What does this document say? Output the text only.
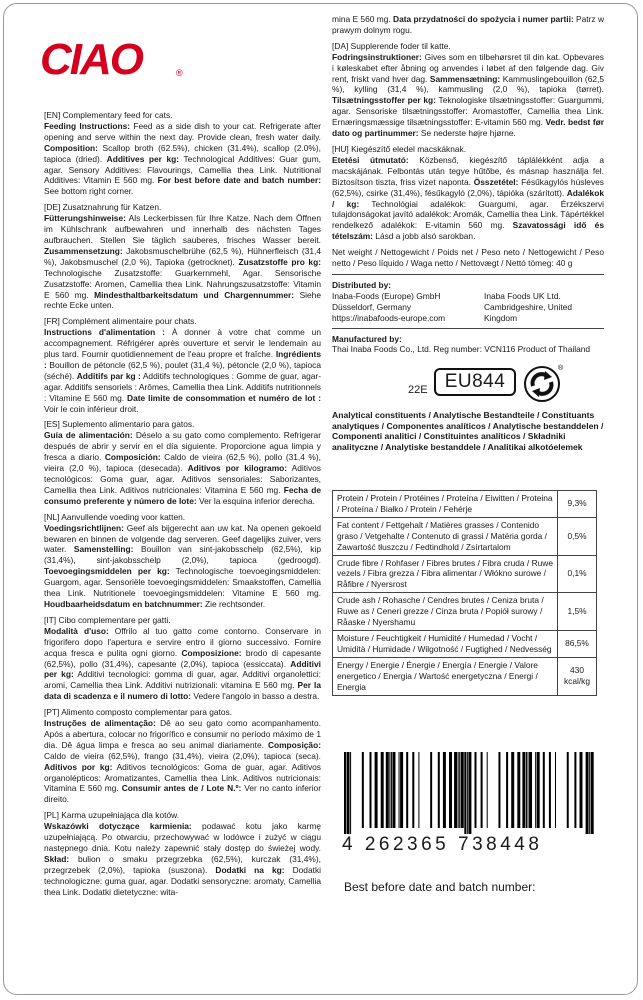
CIAO	®
[EN] Complementary feed for cats.
Feeding Instructions: Feed as a side dish to your cat. Refrigerate after opening and serve within the next day. Provide clean, fresh water daily. Composition: Scallop broth (62.5%), chicken (31.4%), scallop (2.0%), tapioca (dried). Additives per kg: Technological Additives: Guar gum, agar. Sensory Additives: Flavourings, Camellia thea Link. Nutritional Additives: Vitamin E 560 mg. For best before date and batch number: See bottom right corner.
[DE] Zusatznahrung für Katzen.
Fütterungshinweise: Als Leckerbissen für Ihre Katze. Nach dem Öffnen im Kühlschrank aufbewahren und innerhalb des nächsten Tages aufbrauchen. Stellen Sie täglich sauberes, frisches Wasser bereit. Zusammensetzung: Jakobsmuschelbrühe (62,5 %), Hühnerfleisch (31,4 %), Jakobsmuschel (2,0 %), Tapioka (getrocknet). Zusatzstoffe pro kg: Technologische Zusatzstoffe: Guarkernmehl, Agar. Sensorische Zusatzstoffe: Aromen, Camellia thea Link. Nahrungszusatzstoffe: Vitamin E 560 mg. Mindesthaltbarkeitsdatum und Chargennummer: Siehe rechte Ecke unten.
[FR] Complément alimentaire pour chats.
Instructions d'alimentation : À donner à votre chat comme un accompagnement. Réfrigérer après ouverture et servir le lendemain au plus tard. Fournir quotidiennement de l'eau propre et fraîche. Ingrédients : Bouillon de pétoncle (62,5 %), poulet (31,4 %), pétoncle (2,0 %), tapioca (séché). Additifs par kg : Additifs technologiques : Gomme de guar, agar-agar. Additifs sensoriels : Arômes, Camellia thea Link. Additifs nutritionnels : Vitamine E 560 mg. Date limite de consommation et numéro de lot : Voir le coin inférieur droit.
[ES] Suplemento alimentario para gatos.
Guía de alimentación: Déselo a su gato como complemento. Refrigerar después de abrir y servir en el día siguiente. Proporcione agua limpia y fresca a diario. Composición: Caldo de vieira (62,5 %), pollo (31,4 %), vieira (2,0 %), tapioca (desecada). Aditivos por kilogramo: Aditivos tecnológicos: Goma guar, agar. Aditivos sensoriales: Saborizantes, Camellia thea Link. Aditivos nutricionales: Vitamina E 560 mg. Fecha de consumo preferente y número de lote: Ver la esquina inferior derecha.
[NL] Aanvullende voeding voor katten.
Voedingsrichtlijnen: Geef als bijgerecht aan uw kat. Na openen gekoeld bewaren en binnen de volgende dag serveren. Geef dagelijks zuiver, vers water. Samenstelling: Bouillon van sint-jakobsschelp (62,5%), kip (31,4%), sint-jakobsschelp (2,0%), tapioca (gedroogd). Toevoegingsmiddelen per kg: Technologische toevoegingsmiddelen: Guargom, agar. Sensoriële toevoegingsmiddelen: Smaakstoffen, Camellia thea Link. Nutritionele toevoegingsmiddelen: Vitamine E 560 mg. Houdbaarheidsdatum en batchnummer: Zie rechtsonder.
[IT] Cibo complementare per gatti.
Modalità d'uso: Offrilo al tuo gatto come contorno. Conservare in frigorifero dopo l'apertura e servire entro il giorno successivo. Fornire acqua fresca e pulita ogni giorno. Composizione: brodo di capesante (62,5%), pollo (31,4%), capesante (2,0%), tapioca (essiccata). Additivi per kg: Additivi tecnologici: gomma di guar, agar. Additivi organolettici: aromi, Camellia thea Link. Additivi nutrizionali: vitamina E 560 mg. Per la data di scadenza e il numero di lotto: Vedere l'angolo in basso a destra.
[PT] Alimento composto complementar para gatos.
Instruções de alimentação: Dê ao seu gato como acompanhamento. Após a abertura, colocar no frigorífico e consumir no período máximo de 1 dia. Dê água limpa e fresca ao seu animal diariamente. Composição: Caldo de vieira (62,5%), frango (31,4%), vieira (2,0%), tapioca (seca). Aditivos por kg: Aditivos tecnológicos: Goma de guar, agar. Aditivos organolépticos: Aromatizantes, Camellia thea Link. Aditivos nutricionais: Vitamina E 560 mg. Consumir antes de / Lote N.º: Ver no canto inferior direito.
[PL] Karma uzupełniająca dla kotów.
Wskazówki dotyczące karmienia: podawać kotu jako karmę uzupełniającą. Po otwarciu, przechowywać w lodówce i zużyć w ciągu następnego dnia. Kotu należy zapewnić stały dostęp do świeżej wody. Skład: bulion o smaku przegrzebka (62,5%), kurczak (31,4%), przegrzebek (2,0%), tapioka (suszona). Dodatki na kg: Dodatki technologiczne: guma guar, agar. Dodatki sensoryczne: aromaty, Camellia thea Link. Dodatki dietetyczne: wita-
mina E 560 mg. Data przydatności do spożycia i numer partii: Patrz w prawym dolnym rogu.
[DA] Supplerende foder til katte.
Fodringsinstruktioner: Gives som en tilbehørsret til din kat. Opbevares i køleskabet efter åbning og anvendes i løbet af den følgende dag. Giv rent, friskt vand hver dag. Sammensætning: Kammuslingebouillon (62,5 %), kylling (31,4 %), kammusling (2,0 %), tapioka (tørret). Tilsætningsstoffer per kg: Teknologiske tilsætningsstoffer: Guargummi, agar. Sensoriske tilsætningsstoffer: Aromastoffer, Camellia thea Link. Ernæringsmæssige tilsætningsstoffer: E-vitamin 560 mg. Vedr. bedst før dato og partinummer: Se nederste højre hjørne.
[HU] Kiegészítő eledel macskáknak.
Etetési útmutató: Közbenső, kiegészítő táplálékként adja a macskájának. Felbontás után tegye hűtőbe, és másnap használja fel. Biztosítson tiszta, friss vizet naponta. Összetétel: Fésűkagylós húsleves (62,5%), csirke (31,4%), fésűkagyló (2,0%), tápióka (szárított). Adalékok / kg: Technológiai adalékok: Guargumi, agar. Érzékszervi tulajdonságokat javító adalékok: Aromák, Camellia thea Link. Tápértékkel rendelkező adalékok: E-vitamin 560 mg. Szavatossági idő és tételszám: Lásd a jobb alsó sarokban.
Net weight / Nettogewicht / Poids net / Peso neto / Nettogewicht / Peso netto / Peso líquido / Waga netto / Nettovægt / Nettó tömeg: 40 g
Distributed by:
Inaba-Foods (Europe) GmbH
Düsseldorf, Germany
https://inabafoods-europe.com
Inaba Foods UK Ltd.
Cambridgeshire, United Kingdom
Manufactured by:
Thai Inaba Foods Co., Ltd. Reg number: VCN116 Product of Thailand
22E EU844
®
Analytical constituents / Analytische Bestandteile / Constituants analytiques / Componentes analíticos / Analytische bestanddelen / Componenti analitici / Constituintes analíticos / Składniki analityczne / Analytiske bestanddele / Analitikai alkotóelemek
Protein / Protein / Protéines / Proteína / Eiwitten / Proteina / Proteína / Białko / Protein / Fehérje	9,3%
Fat content / Fettgehalt / Matières grasses / Contenido graso / Vetgehalte / Contenuto di grassi / Matéria gorda / Zawartość tłuszczu / Fedtindhold / Zsírtartalom	0,5%
Crude fibre / Rohfaser / Fibres brutes / Fibra cruda / Ruwe vezels / Fibra grezza / Fibra alimentar / Włókno surowe / Råfibre / Nyersrost	0,1%
Crude ash / Rohasche / Cendres brutes / Ceniza bruta / Ruwe as / Ceneri grezze / Cinza bruta / Popiół surowy / Råaske / Nyershamu	1,5%
Moisture / Feuchtigkeit / Humidité / Humedad / Vocht / Umidità / Humidade / Wilgotność / Fugtighed / Nedvesség	86,5%
Energy / Energie / Énergie / Energía / Energie / Valore energetico / Energia / Wartość energetyczna / Energi / Energia	430 kcal/kg
4 262365 738448
Best before date and batch number:
